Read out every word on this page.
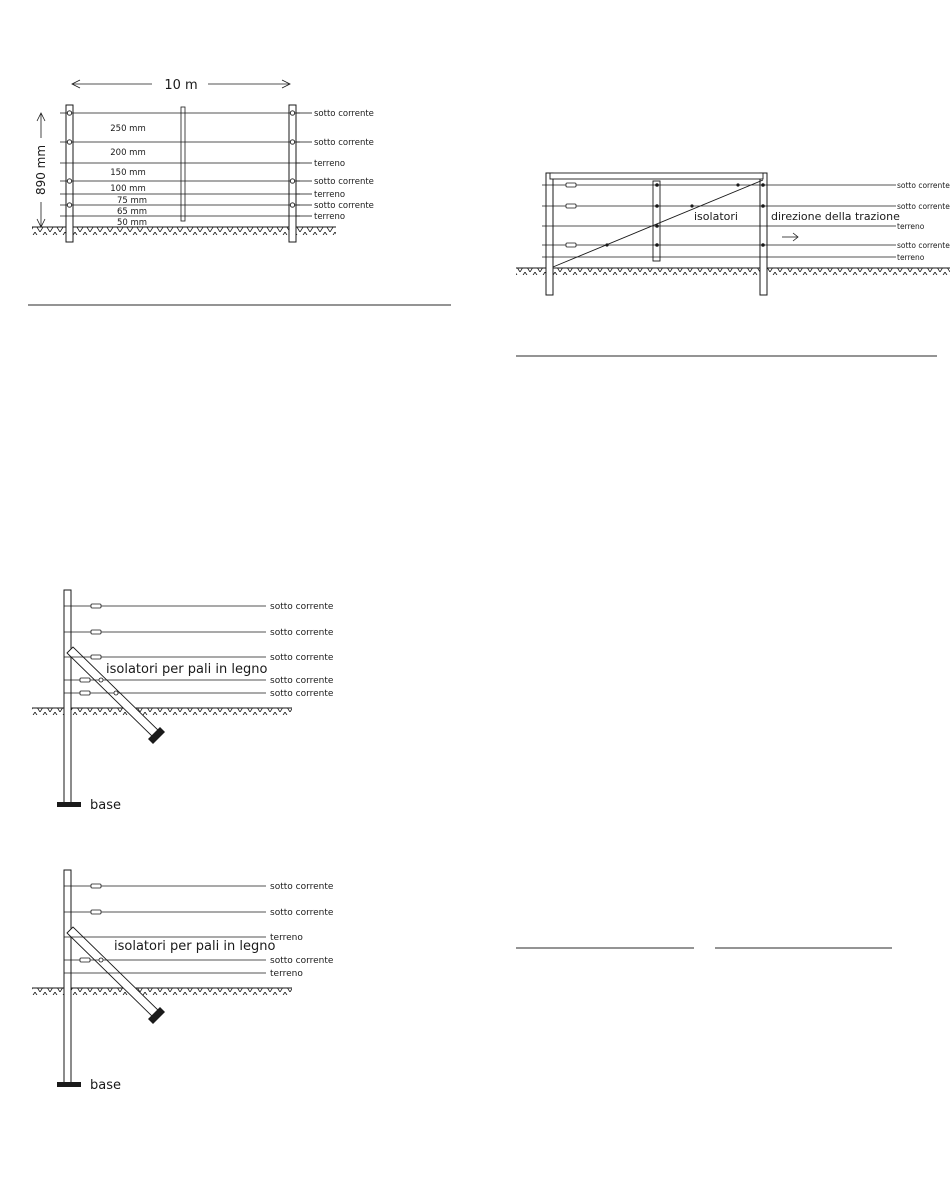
sotto corrente
sotto corrente
terreno
sotto corrente
terreno
sotto corrente
terreno
250 mm
200 mm
150 mm
100 mm
75 mm
65 mm
50 mm
10 m
890 mm	sotto corrente
sotto corrente
terreno
sotto corrente
terreno
isolatori	direzione della trazione
sotto corrente
sotto corrente
sotto corrente
sotto corrente
sotto corrente
isolatori per pali in legno
base
sotto corrente
sotto corrente
terreno
sotto corrente
terreno
isolatori per pali in legno
base
